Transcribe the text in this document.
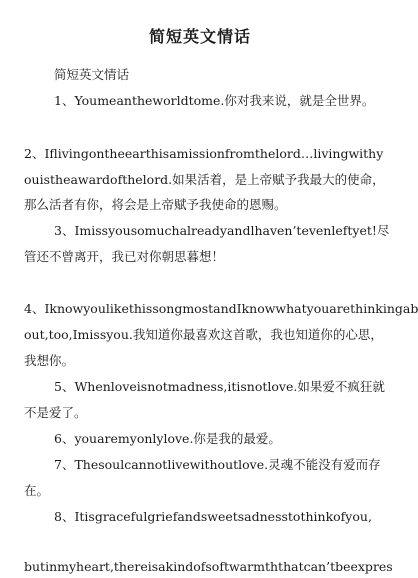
简短英文情话
简短英文情话
1、Youmeantheworldtome.你对我来说，就是全世界。
2、Iflivingontheearthisamissionfromthelord…livingwithy
ouistheawardofthelord.如果活着，是上帝赋予我最大的使命，
那么活者有你，将会是上帝赋予我使命的恩赐。
3、Imissyousomuchalreadyandlhaven’tevenleftyet!尽
管还不曾离开，我已对你朝思暮想！
4、IknowyoulikethissongmostandIknowwhatyouarethinkingab
out,too,Imissyou.我知道你最喜欢这首歌，我也知道你的心思，
我想你。
5、Whenloveisnotmadness,itisnotlove.如果爱不疯狂就
不是爱了。
6、youaremyonlylove.你是我的最爱。
7、Thesoulcannotlivewithoutlove.灵魂不能没有爱而存
在。
8、Itisgracefulgriefandsweetsadnesstothinkofyou,
butinmyheart,thereisakindofsoftwarmththatcan’tbeexpres
